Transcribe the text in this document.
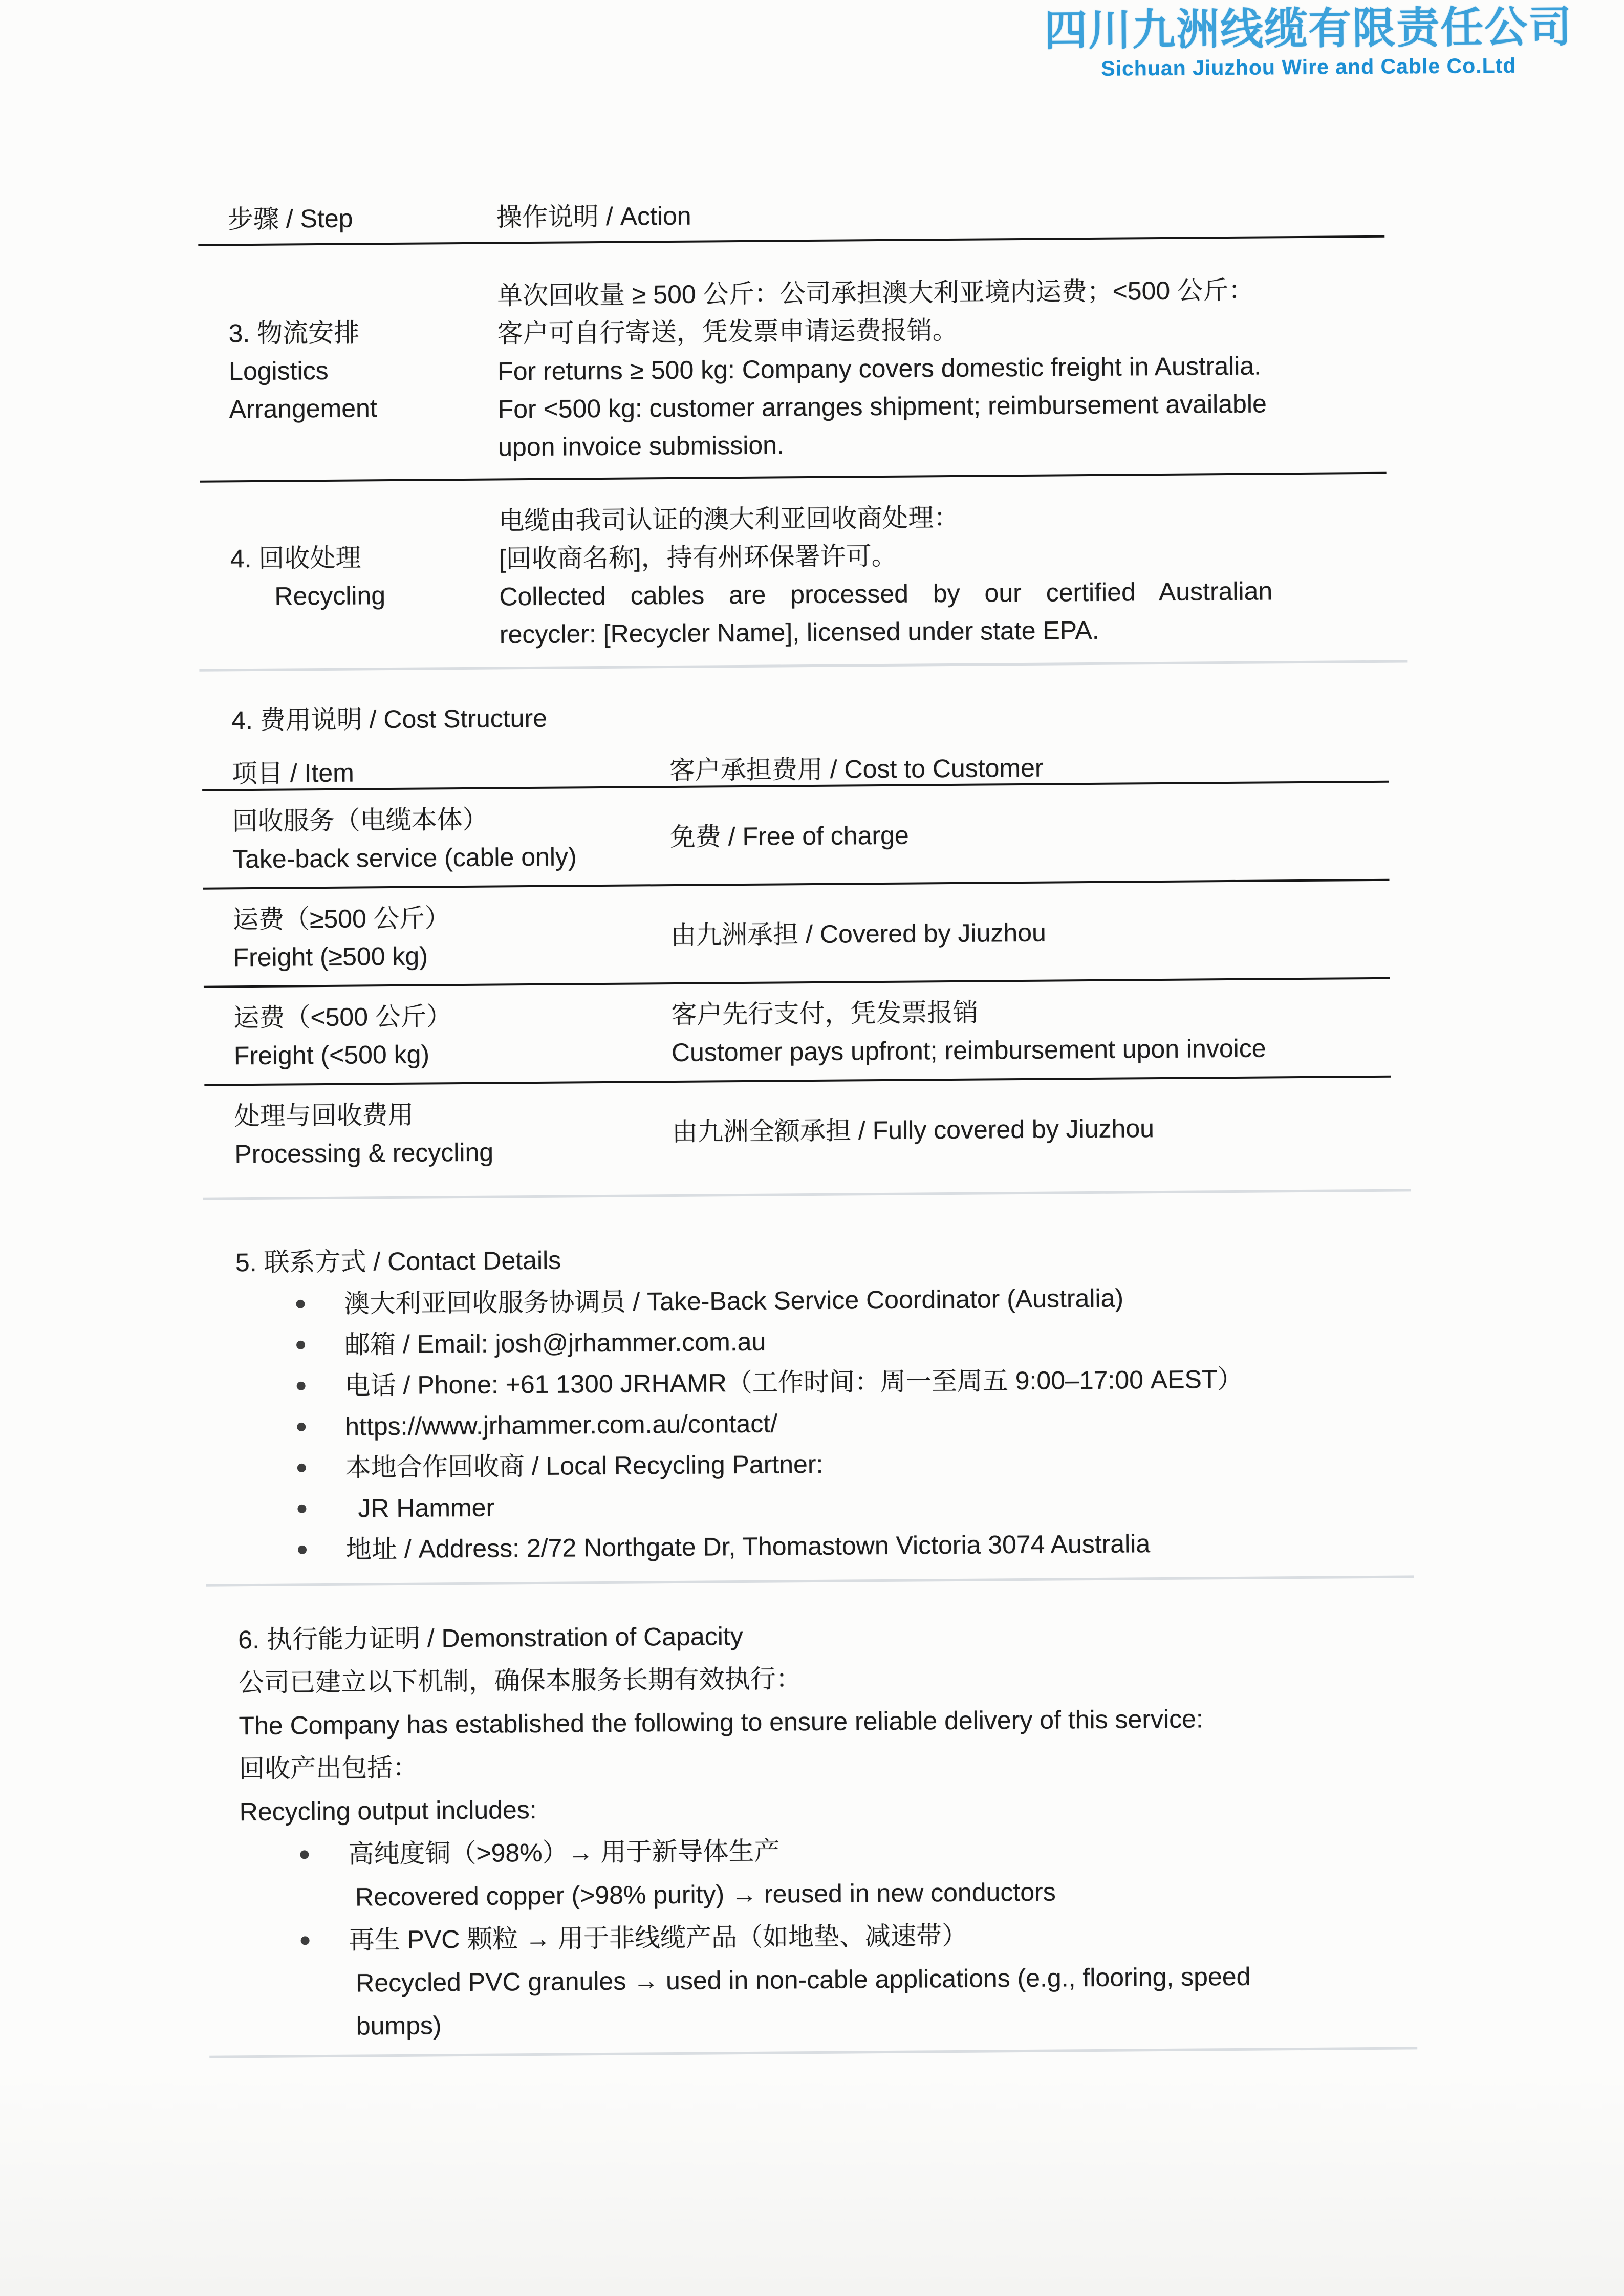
四川九洲线缆有限责任公司
Sichuan Jiuzhou Wire and Cable Co.Ltd
步骤 / Step	操作说明 / Action
3. 物流安排
Logistics
Arrangement
单次回收量 ≥ 500 公斤：公司承担澳大利亚境内运费；<500 公斤：
客户可自行寄送，凭发票申请运费报销。
For returns ≥ 500 kg: Company covers domestic freight in Australia.
For <500 kg: customer arranges shipment; reimbursement available
upon invoice submission.
4. 回收处理
Recycling
电缆由我司认证的澳大利亚回收商处理：
[回收商名称]，持有州环保署许可。
Collected cables are processed by our certified Australian
recycler: [Recycler Name], licensed under state EPA.
4. 费用说明 / Cost Structure
项目 / Item	客户承担费用 / Cost to Customer
回收服务（电缆本体）
Take-back service (cable only)
免费 / Free of charge
运费（≥500 公斤）
Freight (≥500 kg)
由九洲承担 / Covered by Jiuzhou
运费（<500 公斤）
Freight (<500 kg)
客户先行支付，凭发票报销
Customer pays upfront; reimbursement upon invoice
处理与回收费用
Processing & recycling
由九洲全额承担 / Fully covered by Jiuzhou
5. 联系方式 / Contact Details
澳大利亚回收服务协调员 / Take-Back Service Coordinator (Australia)
邮箱 / Email: josh@jrhammer.com.au
电话 / Phone: +61 1300 JRHAMR（工作时间：周一至周五 9:00–17:00 AEST）
https://www.jrhammer.com.au/contact/
本地合作回收商 / Local Recycling Partner:
JR Hammer
地址 / Address: 2/72 Northgate Dr, Thomastown Victoria 3074 Australia
6. 执行能力证明 / Demonstration of Capacity
公司已建立以下机制，确保本服务长期有效执行：
The Company has established the following to ensure reliable delivery of this service:
回收产出包括：
Recycling output includes:
高纯度铜（>98%）→ 用于新导体生产
Recovered copper (>98% purity) → reused in new conductors
再生 PVC 颗粒 → 用于非线缆产品（如地垫、减速带）
Recycled PVC granules → used in non-cable applications (e.g., flooring, speed
bumps)
